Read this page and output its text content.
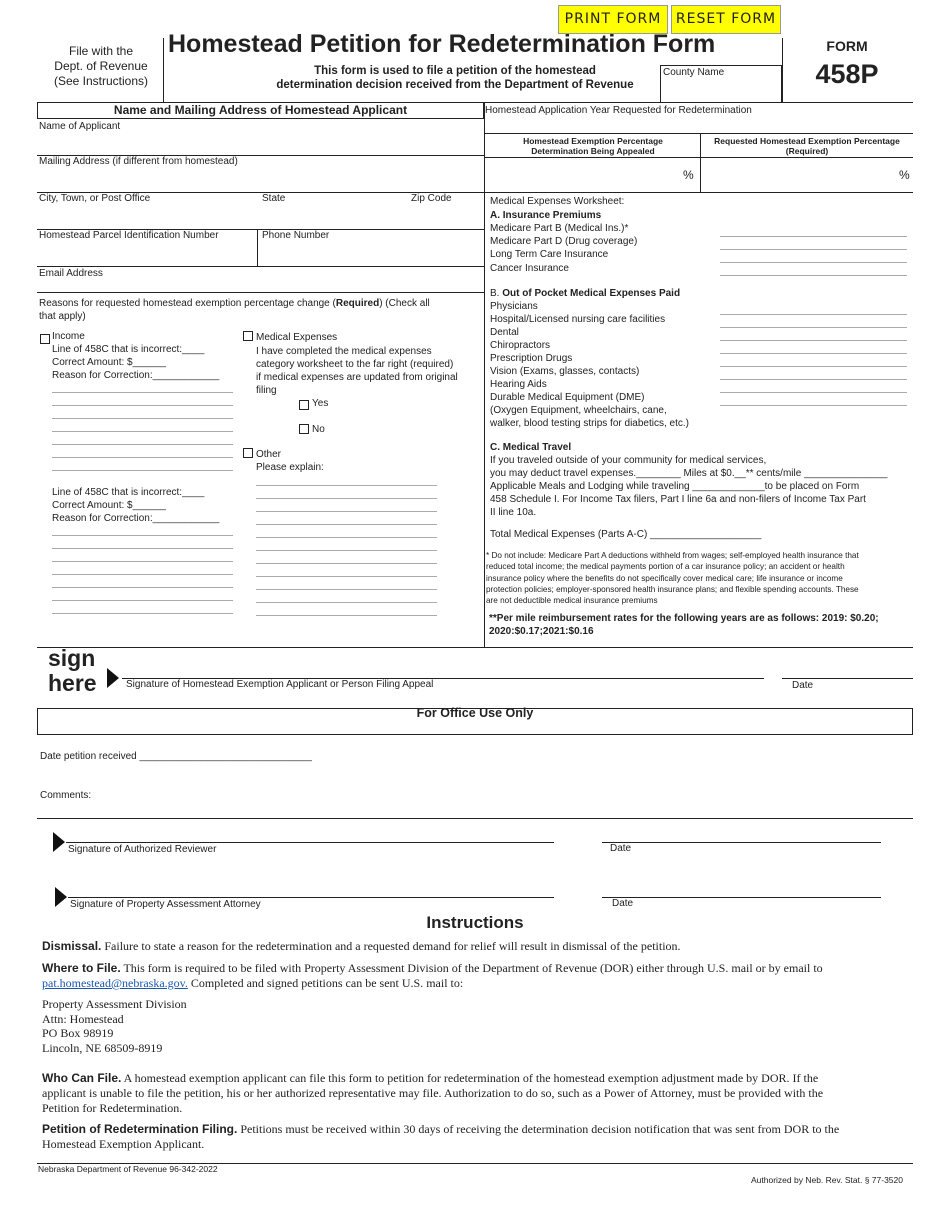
PRINT FORM	RESET FORM
File with the
Dept. of Revenue
(See Instructions)
Homestead Petition for Redetermination Form
This form is used to file a petition of the homestead
determination decision received from the Department of Revenue
County Name
FORM
458P
Name and Mailing Address of Homestead Applicant
Name of Applicant
Mailing Address (if different from homestead)
City, Town, or Post Office	State	Zip Code
Homestead Parcel Identification Number	Phone Number
Email Address
Reasons for requested homestead exemption percentage change (Required) (Check all
that apply)
Income
Line of 458C that is incorrect:____
Correct Amount: $______
Reason for Correction:____________
Line of 458C that is incorrect:____
Correct Amount: $______
Reason for Correction:____________
Medical Expenses
I have completed the medical expenses
category worksheet to the far right (required)
if medical expenses are updated from original
filing
Yes
No
Other
Please explain:
Homestead Application Year Requested for Redetermination
Homestead Exemption Percentage
Determination Being Appealed
Requested Homestead Exemption Percentage
(Required)
%	%
Medical Expenses Worksheet:
A. Insurance Premiums
Medicare Part B (Medical Ins.)*
Medicare Part D (Drug coverage)
Long Term Care Insurance
Cancer Insurance
B. Out of Pocket Medical Expenses Paid
Physicians
Hospital/Licensed nursing care facilities
Dental
Chiropractors
Prescription Drugs
Vision (Exams, glasses, contacts)
Hearing Aids
Durable Medical Equipment (DME)
(Oxygen Equipment, wheelchairs, cane,
walker, blood testing strips for diabetics, etc.)
C. Medical Travel
If you traveled outside of your community for medical services,
you may deduct travel expenses.________ Miles at $0.__** cents/mile _______________
Applicable Meals and Lodging while traveling _____________to be placed on Form
458 Schedule I. For Income Tax filers, Part I line 6a and non-filers of Income Tax Part
II line 10a.
Total Medical Expenses (Parts A-C) ____________________
* Do not include: Medicare Part A deductions withheld from wages; self-employed health insurance that
reduced total income; the medical payments portion of a car insurance policy; an accident or health
insurance policy where the benefits do not specifically cover medical care; life insurance or income
protection policies; employer-sponsored health insurance plans; and flexible spending accounts. These
are not deductible medical insurance premiums
**Per mile reimbursement rates for the following years are as follows: 2019: $0.20;
2020:$0.17;2021:$0.16
sign
here	Signature of Homestead Exemption Applicant or Person Filing Appeal	Date
For Office Use Only
Date petition received _______________________________
Comments:
Signature of Authorized Reviewer	Date
Signature of Property Assessment Attorney	Date
Instructions
Dismissal. Failure to state a reason for the redetermination and a requested demand for relief will result in dismissal of the petition.
Where to File. This form is required to be filed with Property Assessment Division of the Department of Revenue (DOR) either through U.S. mail or by email to
pat.homestead@nebraska.gov. Completed and signed petitions can be sent U.S. mail to:
Property Assessment Division
Attn: Homestead
PO Box 98919
Lincoln, NE 68509-8919
Who Can File. A homestead exemption applicant can file this form to petition for redetermination of the homestead exemption adjustment made by DOR. If the
applicant is unable to file the petition, his or her authorized representative may file. Authorization to do so, such as a Power of Attorney, must be provided with the
Petition for Redetermination.
Petition of Redetermination Filing. Petitions must be received within 30 days of receiving the determination decision notification that was sent from DOR to the
Homestead Exemption Applicant.
Nebraska Department of Revenue 96-342-2022
Authorized by Neb. Rev. Stat. § 77-3520
